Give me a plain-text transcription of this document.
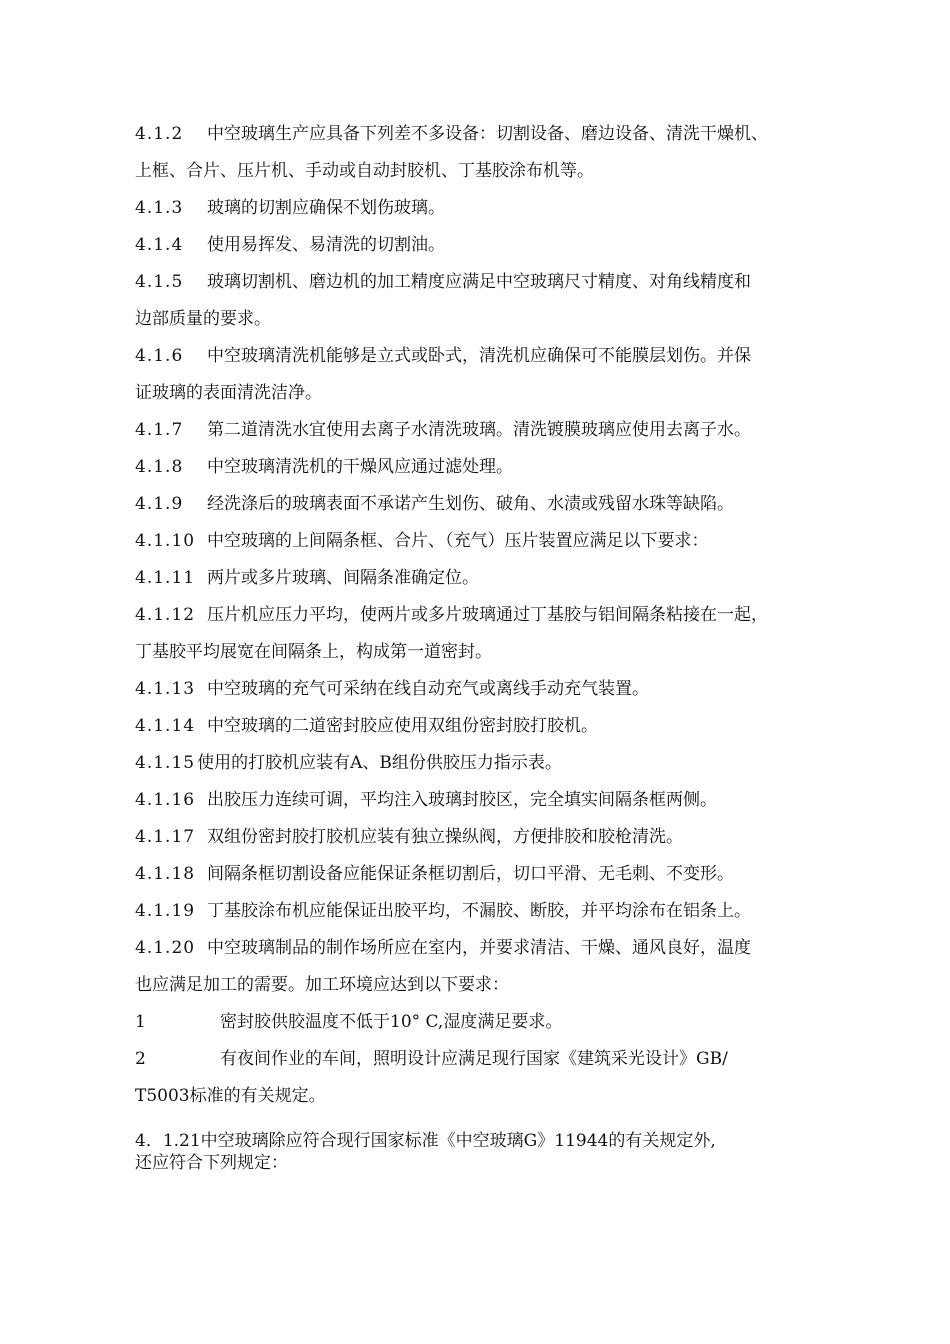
4.1.2 中空玻璃生产应具备下列差不多设备：切割设备、磨边设备、清洗干燥机、

上框、合片、压片机、手动或自动封胶机、丁基胶涂布机等。

4.1.3 玻璃的切割应确保不划伤玻璃。

4.1.4 使用易挥发、易清洗的切割油。

4.1.5 玻璃切割机、磨边机的加工精度应满足中空玻璃尺寸精度、对角线精度和

边部质量的要求。

4.1.6 中空玻璃清洗机能够是立式或卧式，清洗机应确保可不能膜层划伤。并保

证玻璃的表面清洗洁净。

4.1.7 第二道清洗水宜使用去离子水清洗玻璃。清洗镀膜玻璃应使用去离子水。

4.1.8 中空玻璃清洗机的干燥风应通过滤处理。

4.1.9 经洗涤后的玻璃表面不承诺产生划伤、破角、水渍或残留水珠等缺陷。

4.1.10 中空玻璃的上间隔条框、合片、（充气）压片装置应满足以下要求：

4.1.11 两片或多片玻璃、间隔条准确定位。

4.1.12 压片机应压力平均，使两片或多片玻璃通过丁基胶与铝间隔条粘接在一起，

丁基胶平均展宽在间隔条上，构成第一道密封。

4.1.13 中空玻璃的充气可采纳在线自动充气或离线手动充气装置。

4.1.14 中空玻璃的二道密封胶应使用双组份密封胶打胶机。

4.1.15 使用的打胶机应装有A、B组份供胶压力指示表。

4.1.16 出胶压力连续可调，平均注入玻璃封胶区，完全填实间隔条框两侧。

4.1.17 双组份密封胶打胶机应装有独立操纵阀，方便排胶和胶枪清洗。

4.1.18 间隔条框切割设备应能保证条框切割后，切口平滑、无毛刺、不变形。

4.1.19 丁基胶涂布机应能保证出胶平均，不漏胶、断胶，并平均涂布在铝条上。

4.1.20 中空玻璃制品的制作场所应在室内，并要求清洁、干燥、通风良好，温度

也应满足加工的需要。加工环境应达到以下要求：

1	密封胶供胶温度不低于10° C,湿度满足要求。

2	有夜间作业的车间，照明设计应满足现行国家《建筑采光设计》GB/

T5003标准的有关规定。

4．1.21中空玻璃除应符合现行国家标准《中空玻璃G》11944的有关规定外,

还应符合下列规定：
